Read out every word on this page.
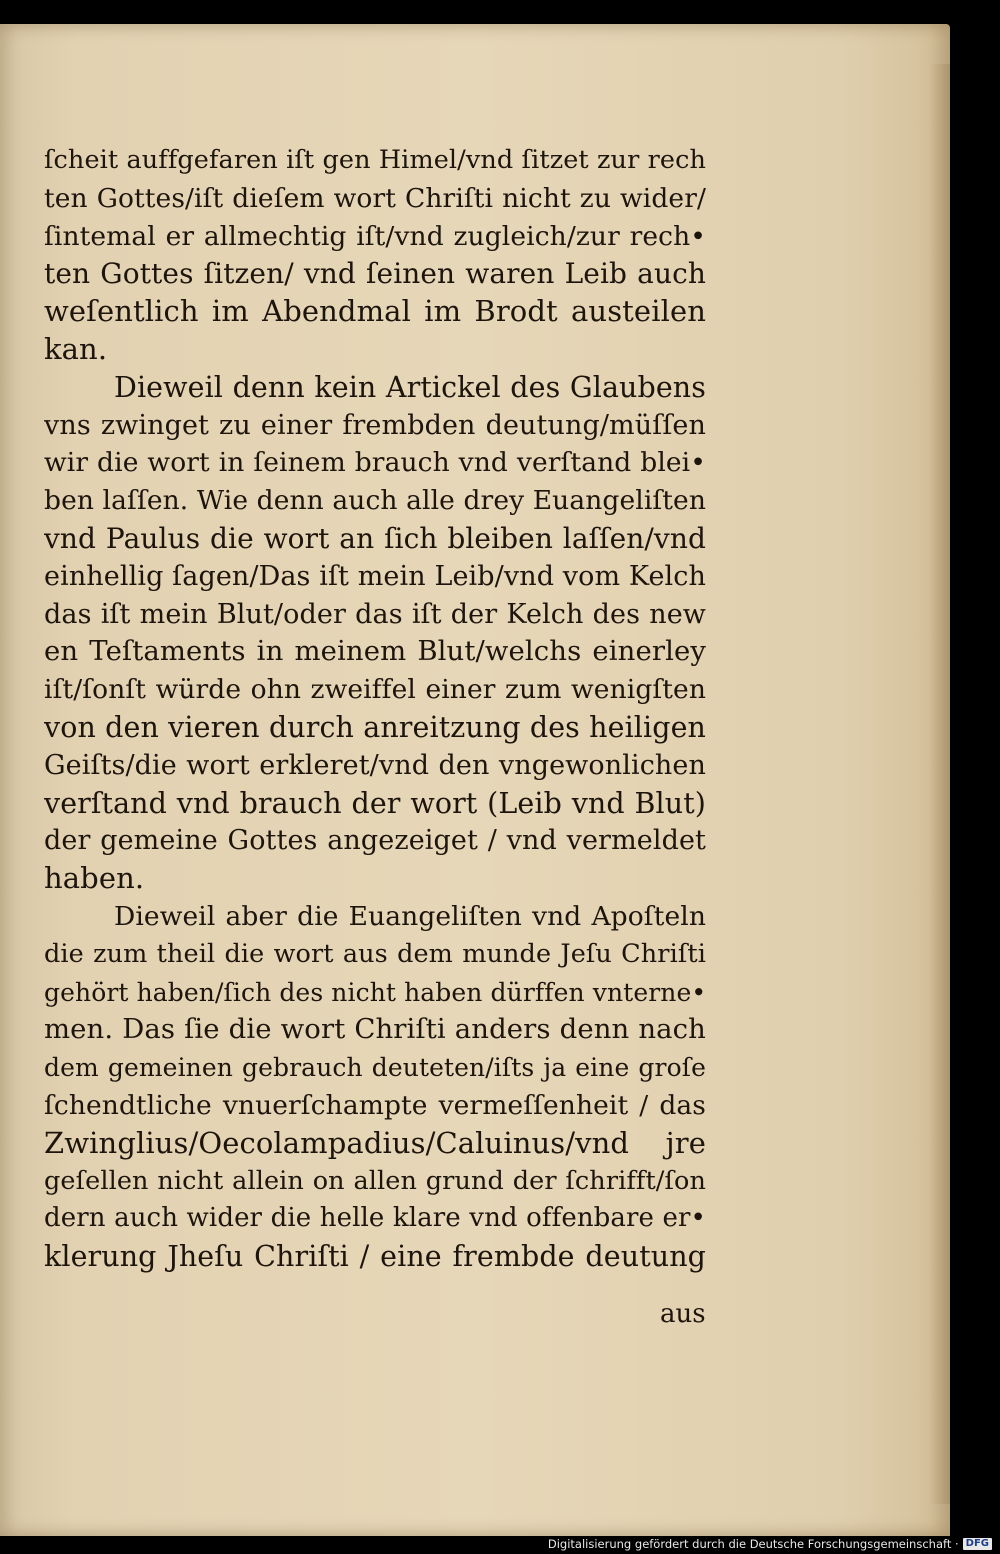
ſcheit auffgefaren iſt gen Himel/vnd ſitzet zur rech
ten Gottes/iſt dieſem wort Chriſti nicht zu wider/
ſintemal er allmechtig iſt/vnd zugleich/zur rech•
ten Gottes ſitzen/ vnd ſeinen waren Leib auch
weſentlich im Abendmal im Brodt austeilen
kan.
Dieweil denn kein Artickel des Glaubens
vns zwinget zu einer frembden deutung/müſſen
wir die wort in ſeinem brauch vnd verſtand blei•
ben laſſen. Wie denn auch alle drey Euangeliſten
vnd Paulus die wort an ſich bleiben laſſen/vnd
einhellig ſagen/Das iſt mein Leib/vnd vom Kelch
das iſt mein Blut/oder das iſt der Kelch des new
en Teſtaments in meinem Blut/welchs einerley
iſt/ſonſt würde ohn zweiffel einer zum wenigſten
von den vieren durch anreitzung des heiligen
Geiſts/die wort erkleret/vnd den vngewonlichen
verſtand vnd brauch der wort (Leib vnd Blut)
der gemeine Gottes angezeiget / vnd vermeldet
haben.
Dieweil aber die Euangeliſten vnd Apoſteln
die zum theil die wort aus dem munde Jeſu Chriſti
gehört haben/ſich des nicht haben dürffen vnterne•
men. Das ſie die wort Chriſti anders denn nach
dem gemeinen gebrauch deuteten/iſts ja eine groſe
ſchendtliche vnuerſchampte vermeſſenheit / das
Zwinglius/Oecolampadius/Caluinus/vnd jre
geſellen nicht allein on allen grund der ſchrifft/ſon
dern auch wider die helle klare vnd offenbare er•
klerung Jheſu Chriſti / eine frembde deutung
aus
Digitalisierung gefördert durch die Deutsche Forschungsgemeinschaft · DFG
